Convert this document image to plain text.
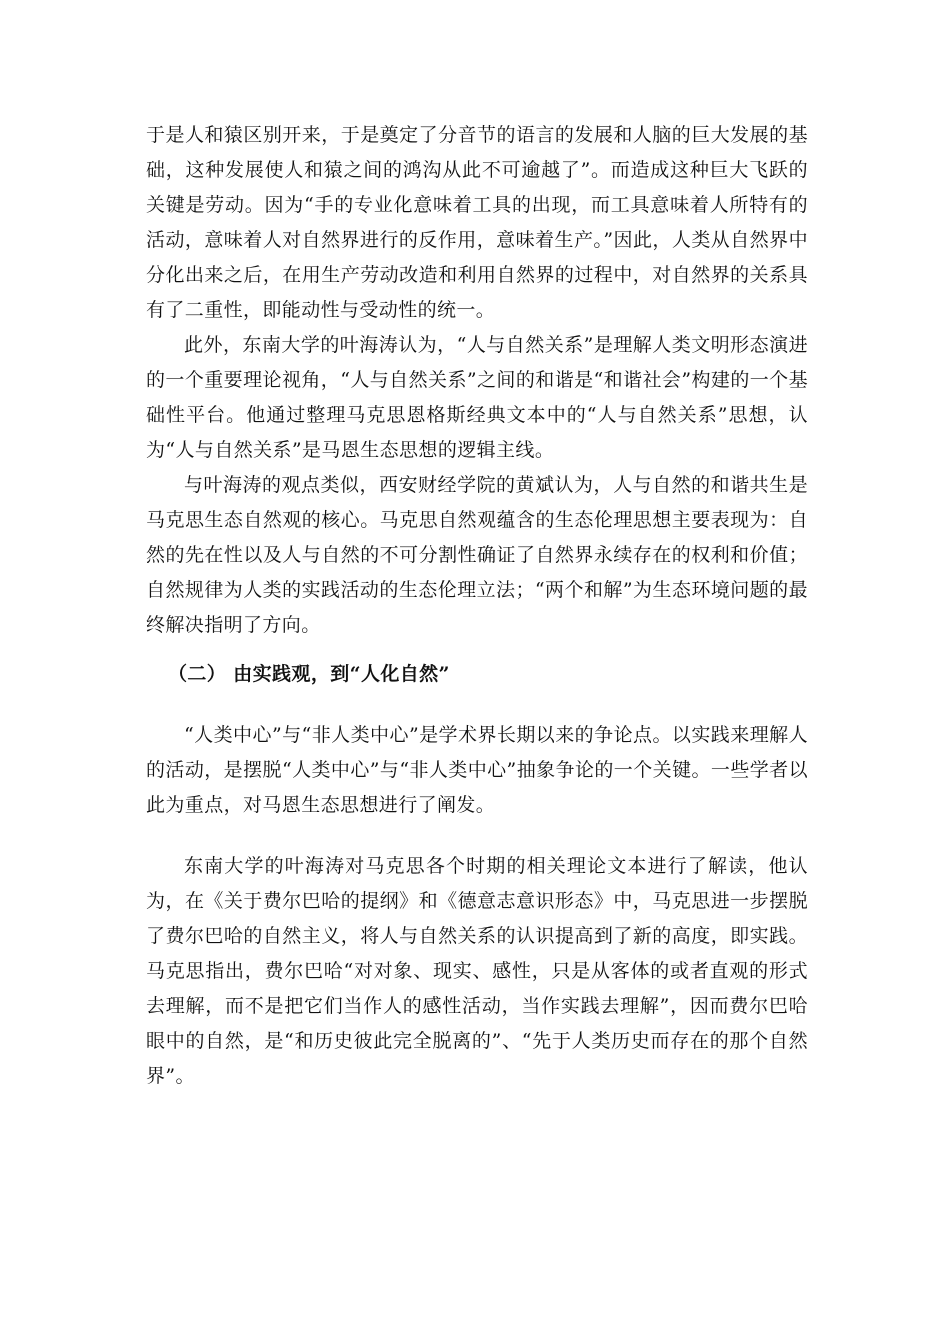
于是人和猿区别开来，于是奠定了分音节的语言的发展和人脑的巨大发展的基础，这种发展使人和猿之间的鸿沟从此不可逾越了”。而造成这种巨大飞跃的关键是劳动。因为“手的专业化意味着工具的出现，而工具意味着人所特有的活动，意味着人对自然界进行的反作用，意味着生产。”因此，人类从自然界中分化出来之后，在用生产劳动改造和利用自然界的过程中，对自然界的关系具有了二重性，即能动性与受动性的统一。

此外，东南大学的叶海涛认为，“人与自然关系”是理解人类文明形态演进的一个重要理论视角，“人与自然关系”之间的和谐是“和谐社会”构建的一个基础性平台。他通过整理马克思恩格斯经典文本中的“人与自然关系”思想，认为“人与自然关系”是马恩生态思想的逻辑主线。

与叶海涛的观点类似，西安财经学院的黄斌认为，人与自然的和谐共生是马克思生态自然观的核心。马克思自然观蕴含的生态伦理思想主要表现为：自然的先在性以及人与自然的不可分割性确证了自然界永续存在的权利和价值；自然规律为人类的实践活动的生态伦理立法；“两个和解”为生态环境问题的最终解决指明了方向。

（二） 由实践观，到“人化自然”

“人类中心”与“非人类中心”是学术界长期以来的争论点。以实践来理解人的活动，是摆脱“人类中心”与“非人类中心”抽象争论的一个关键。一些学者以此为重点，对马恩生态思想进行了阐发。

东南大学的叶海涛对马克思各个时期的相关理论文本进行了解读，他认为，在《关于费尔巴哈的提纲》和《德意志意识形态》中，马克思进一步摆脱了费尔巴哈的自然主义，将人与自然关系的认识提高到了新的高度，即实践。马克思指出，费尔巴哈“对对象、现实、感性，只是从客体的或者直观的形式去理解，而不是把它们当作人的感性活动，当作实践去理解”，因而费尔巴哈眼中的自然，是“和历史彼此完全脱离的”、“先于人类历史而存在的那个自然界”。
